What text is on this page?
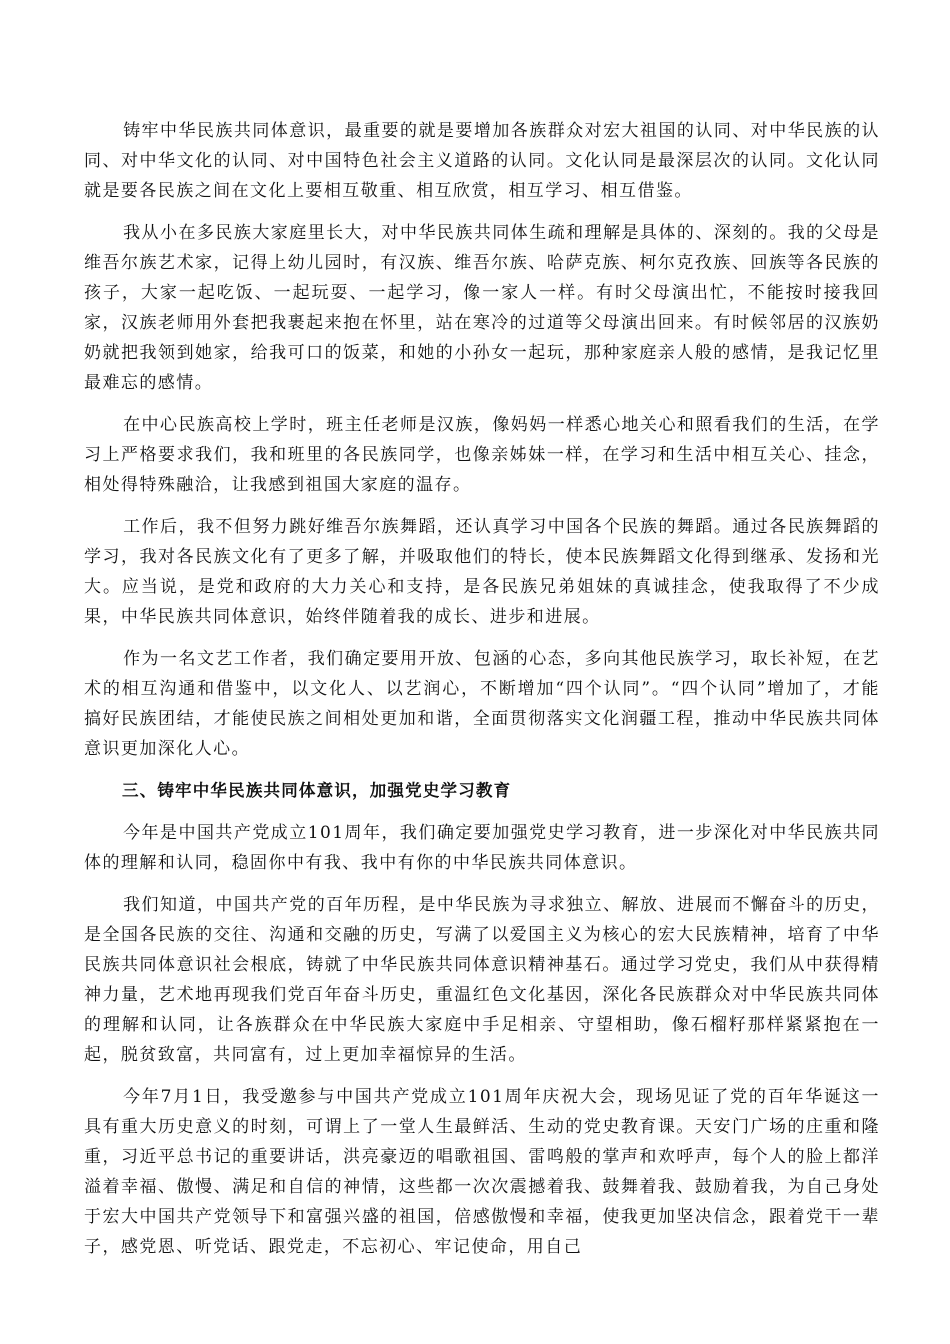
铸牢中华民族共同体意识，最重要的就是要增加各族群众对宏大祖国的认同、对中华民族的认同、对中华文化的认同、对中国特色社会主义道路的认同。文化认同是最深层次的认同。文化认同就是要各民族之间在文化上要相互敬重、相互欣赏，相互学习、相互借鉴。

我从小在多民族大家庭里长大，对中华民族共同体生疏和理解是具体的、深刻的。我的父母是维吾尔族艺术家，记得上幼儿园时，有汉族、维吾尔族、哈萨克族、柯尔克孜族、回族等各民族的孩子，大家一起吃饭、一起玩耍、一起学习，像一家人一样。有时父母演出忙，不能按时接我回家，汉族老师用外套把我裹起来抱在怀里，站在寒冷的过道等父母演出回来。有时候邻居的汉族奶奶就把我领到她家，给我可口的饭菜，和她的小孙女一起玩，那种家庭亲人般的感情，是我记忆里最难忘的感情。

在中心民族高校上学时，班主任老师是汉族，像妈妈一样悉心地关心和照看我们的生活，在学习上严格要求我们，我和班里的各民族同学，也像亲姊妹一样，在学习和生活中相互关心、挂念，相处得特殊融洽，让我感到祖国大家庭的温存。

工作后，我不但努力跳好维吾尔族舞蹈，还认真学习中国各个民族的舞蹈。通过各民族舞蹈的学习，我对各民族文化有了更多了解，并吸取他们的特长，使本民族舞蹈文化得到继承、发扬和光大。应当说，是党和政府的大力关心和支持，是各民族兄弟姐妹的真诚挂念，使我取得了不少成果，中华民族共同体意识，始终伴随着我的成长、进步和进展。

作为一名文艺工作者，我们确定要用开放、包涵的心态，多向其他民族学习，取长补短，在艺术的相互沟通和借鉴中，以文化人、以艺润心，不断增加“四个认同”。“四个认同”增加了，才能搞好民族团结，才能使民族之间相处更加和谐，全面贯彻落实文化润疆工程，推动中华民族共同体意识更加深化人心。

三、铸牢中华民族共同体意识，加强党史学习教育

今年是中国共产党成立101周年，我们确定要加强党史学习教育，进一步深化对中华民族共同体的理解和认同，稳固你中有我、我中有你的中华民族共同体意识。

我们知道，中国共产党的百年历程，是中华民族为寻求独立、解放、进展而不懈奋斗的历史，是全国各民族的交往、沟通和交融的历史，写满了以爱国主义为核心的宏大民族精神，培育了中华民族共同体意识社会根底，铸就了中华民族共同体意识精神基石。通过学习党史，我们从中获得精神力量，艺术地再现我们党百年奋斗历史，重温红色文化基因，深化各民族群众对中华民族共同体的理解和认同，让各族群众在中华民族大家庭中手足相亲、守望相助，像石榴籽那样紧紧抱在一起，脱贫致富，共同富有，过上更加幸福惊异的生活。

今年7月1日，我受邀参与中国共产党成立101周年庆祝大会，现场见证了党的百年华诞这一具有重大历史意义的时刻，可谓上了一堂人生最鲜活、生动的党史教育课。天安门广场的庄重和隆重，习近平总书记的重要讲话，洪亮豪迈的唱歌祖国、雷鸣般的掌声和欢呼声，每个人的脸上都洋溢着幸福、傲慢、满足和自信的神情，这些都一次次震撼着我、鼓舞着我、鼓励着我，为自己身处于宏大中国共产党领导下和富强兴盛的祖国，倍感傲慢和幸福，使我更加坚决信念，跟着党干一辈子，感党恩、听党话、跟党走，不忘初心、牢记使命，用自己
